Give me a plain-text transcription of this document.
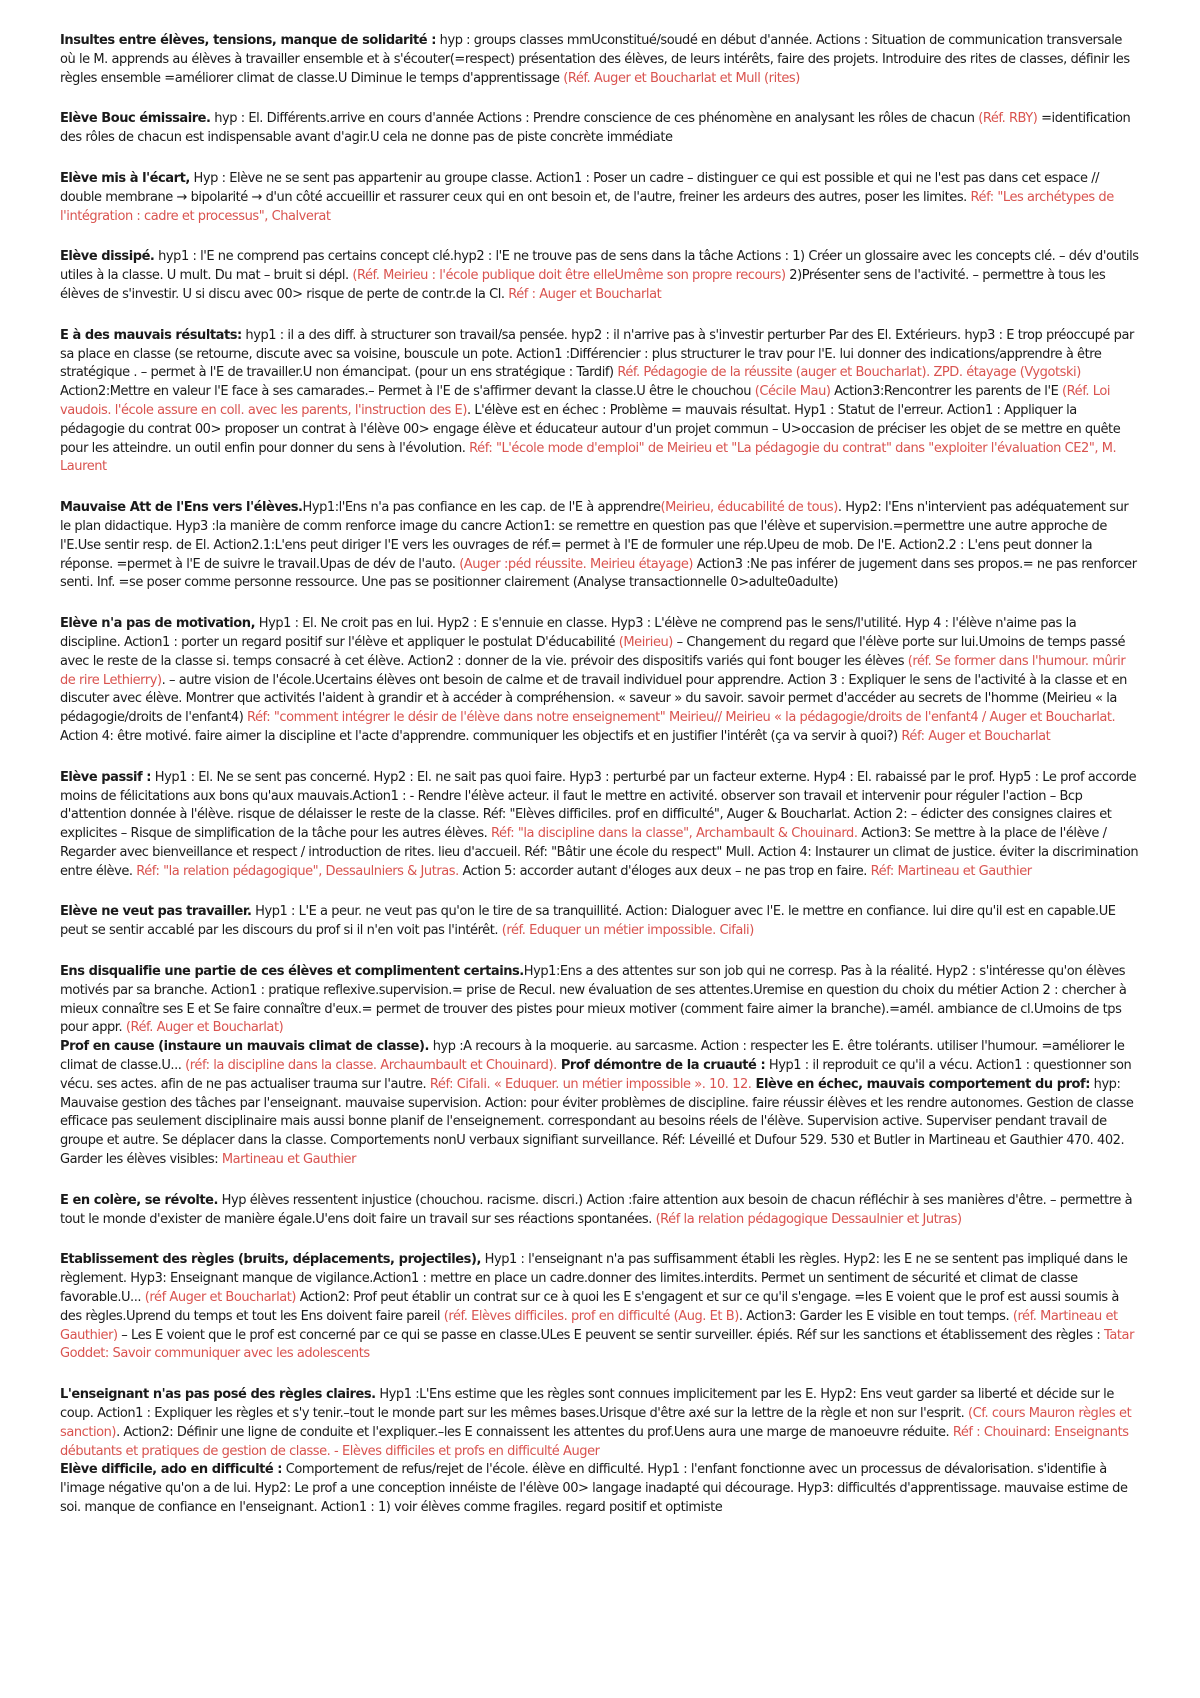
Insultes entre élèves, tensions, manque de solidarité : hyp : groups classes mmUconstitué/soudé en début d'année. Actions : Situation de communication transversale où le M. apprends au élèves à travailler ensemble et à s'écouter(=respect) présentation des élèves, de leurs intérêts, faire des projets. Introduire des rites de classes, définir les règles ensemble =améliorer climat de classe.U Diminue le temps d'apprentissage (Réf. Auger et Boucharlat et Mull (rites)

Elève Bouc émissaire. hyp : El. Différents.arrive en cours d'année Actions : Prendre conscience de ces phénomène en analysant les rôles de chacun (Réf. RBY) =identification des rôles de chacun est indispensable avant d'agir.U cela ne donne pas de piste concrète immédiate

Elève mis à l'écart, Hyp : Elève ne se sent pas appartenir au groupe classe. Action1 : Poser un cadre – distinguer ce qui est possible et qui ne l'est pas dans cet espace // double membrane → bipolarité → d'un côté accueillir et rassurer ceux qui en ont besoin et, de l'autre, freiner les ardeurs des autres, poser les limites. Réf: "Les archétypes de l'intégration : cadre et processus", Chalverat

Elève dissipé. hyp1 : l'E ne comprend pas certains concept clé.hyp2 : l'E ne trouve pas de sens dans la tâche Actions : 1) Créer un glossaire avec les concepts clé. – dév d'outils utiles à la classe. U mult. Du mat – bruit si dépl. (Réf. Meirieu : l'école publique doit être elleUmême son propre recours) 2)Présenter sens de l'activité. – permettre à tous les élèves de s'investir. U si discu avec 00> risque de perte de contr.de la Cl. Réf : Auger et Boucharlat

E à des mauvais résultats: hyp1 : il a des diff. à structurer son travail/sa pensée. hyp2 : il n'arrive pas à s'investir perturber Par des El. Extérieurs. hyp3 : E trop préoccupé par sa place en classe (se retourne, discute avec sa voisine, bouscule un pote. Action1 :Différencier : plus structurer le trav pour l'E. lui donner des indications/apprendre à être stratégique . – permet à l'E de travailler.U non émancipat. (pour un ens stratégique : Tardif) Réf. Pédagogie de la réussite (auger et Boucharlat). ZPD. étayage (Vygotski) Action2:Mettre en valeur l'E face à ses camarades.– Permet à l'E de s'affirmer devant la classe.U être le chouchou (Cécile Mau) Action3:Rencontrer les parents de l'E (Réf. Loi vaudois. l'école assure en coll. avec les parents, l'instruction des E). L'élève est en échec : Problème = mauvais résultat. Hyp1 : Statut de l'erreur. Action1 : Appliquer la pédagogie du contrat 00> proposer un contrat à l'élève 00> engage élève et éducateur autour d'un projet commun – U>occasion de préciser les objet de se mettre en quête pour les atteindre. un outil enfin pour donner du sens à l'évolution. Réf: "L'école mode d'emploi" de Meirieu et "La pédagogie du contrat" dans "exploiter l'évaluation CE2", M. Laurent

Mauvaise Att de l'Ens vers l'élèves.Hyp1:l'Ens n'a pas confiance en les cap. de l'E à apprendre(Meirieu, éducabilité de tous). Hyp2: l'Ens n'intervient pas adéquatement sur le plan didactique. Hyp3 :la manière de comm renforce image du cancre Action1: se remettre en question pas que l'élève et supervision.=permettre une autre approche de l'E.Use sentir resp. de El. Action2.1:L'ens peut diriger l'E vers les ouvrages de réf.= permet à l'E de formuler une rép.Upeu de mob. De l'E. Action2.2 : L'ens peut donner la réponse. =permet à l'E de suivre le travail.Upas de dév de l'auto. (Auger :péd réussite. Meirieu étayage) Action3 :Ne pas inférer de jugement dans ses propos.= ne pas renforcer senti. Inf. =se poser comme personne ressource. Une pas se positionner clairement (Analyse transactionnelle 0>adulte0adulte)

Elève n'a pas de motivation, Hyp1 : El. Ne croit pas en lui. Hyp2 : E s'ennuie en classe. Hyp3 : L'élève ne comprend pas le sens/l'utilité. Hyp 4 : l'élève n'aime pas la discipline. Action1 : porter un regard positif sur l'élève et appliquer le postulat D'éducabilité (Meirieu) – Changement du regard que l'élève porte sur lui.Umoins de temps passé avec le reste de la classe si. temps consacré à cet élève. Action2 : donner de la vie. prévoir des dispositifs variés qui font bouger les élèves (réf. Se former dans l'humour. mûrir de rire Lethierry). – autre vision de l'école.Ucertains élèves ont besoin de calme et de travail individuel pour apprendre. Action 3 : Expliquer le sens de l'activité à la classe et en discuter avec élève. Montrer que activités l'aident à grandir et à accéder à compréhension. « saveur » du savoir. savoir permet d'accéder au secrets de l'homme (Meirieu « la pédagogie/droits de l'enfant4) Réf: "comment intégrer le désir de l'élève dans notre enseignement" Meirieu// Meirieu « la pédagogie/droits de l'enfant4 / Auger et Boucharlat. Action 4: être motivé. faire aimer la discipline et l'acte d'apprendre. communiquer les objectifs et en justifier l'intérêt (ça va servir à quoi?) Réf: Auger et Boucharlat

Elève passif : Hyp1 : El. Ne se sent pas concerné. Hyp2 : El. ne sait pas quoi faire. Hyp3 : perturbé par un facteur externe. Hyp4 : El. rabaissé par le prof. Hyp5 : Le prof accorde moins de félicitations aux bons qu'aux mauvais.Action1 : - Rendre l'élève acteur. il faut le mettre en activité. observer son travail et intervenir pour réguler l'action – Bcp d'attention donnée à l'élève. risque de délaisser le reste de la classe. Réf: "Elèves difficiles. prof en difficulté", Auger & Boucharlat. Action 2: – édicter des consignes claires et explicites – Risque de simplification de la tâche pour les autres élèves. Réf: "la discipline dans la classe", Archambault & Chouinard. Action3: Se mettre à la place de l'élève / Regarder avec bienveillance et respect / introduction de rites. lieu d'accueil. Réf: "Bâtir une école du respect" Mull. Action 4: Instaurer un climat de justice. éviter la discrimination entre élève. Réf: "la relation pédagogique", Dessaulniers & Jutras. Action 5: accorder autant d'éloges aux deux – ne pas trop en faire. Réf: Martineau et Gauthier

Elève ne veut pas travailler. Hyp1 : L'E a peur. ne veut pas qu'on le tire de sa tranquillité. Action: Dialoguer avec l'E. le mettre en confiance. lui dire qu'il est en capable.UE peut se sentir accablé par les discours du prof si il n'en voit pas l'intérêt. (réf. Eduquer un métier impossible. Cifali)

Ens disqualifie une partie de ces élèves et complimentent certains.Hyp1:Ens a des attentes sur son job qui ne corresp. Pas à la réalité. Hyp2 : s'intéresse qu'on élèves motivés par sa branche. Action1 : pratique reflexive.supervision.= prise de Recul. new évaluation de ses attentes.Uremise en question du choix du métier Action 2 : chercher à mieux connaître ses E et Se faire connaître d'eux.= permet de trouver des pistes pour mieux motiver (comment faire aimer la branche).=amél. ambiance de cl.Umoins de tps pour appr. (Réf. Auger et Boucharlat)

Prof en cause (instaure un mauvais climat de classe). hyp :A recours à la moquerie. au sarcasme. Action : respecter les E. être tolérants. utiliser l'humour. =améliorer le climat de classe.U... (réf: la discipline dans la classe. Archaumbault et Chouinard). Prof démontre de la cruauté : Hyp1 : il reproduit ce qu'il a vécu. Action1 : questionner son vécu. ses actes. afin de ne pas actualiser trauma sur l'autre. Réf: Cifali. « Eduquer. un métier impossible ». 10. 12. Elève en échec, mauvais comportement du prof: hyp: Mauvaise gestion des tâches par l'enseignant. mauvaise supervision. Action: pour éviter problèmes de discipline. faire réussir élèves et les rendre autonomes. Gestion de classe efficace pas seulement disciplinaire mais aussi bonne planif de l'enseignement. correspondant au besoins réels de l'élève. Supervision active. Superviser pendant travail de groupe et autre. Se déplacer dans la classe. Comportements nonU verbaux signifiant surveillance. Réf: Léveillé et Dufour 529. 530 et Butler in Martineau et Gauthier 470. 402. Garder les élèves visibles: Martineau et Gauthier

E en colère, se révolte. Hyp élèves ressentent injustice (chouchou. racisme. discri.) Action :faire attention aux besoin de chacun réfléchir à ses manières d'être. – permettre à tout le monde d'exister de manière égale.U'ens doit faire un travail sur ses réactions spontanées. (Réf la relation pédagogique Dessaulnier et Jutras)

Etablissement des règles (bruits, déplacements, projectiles), Hyp1 : l'enseignant n'a pas suffisamment établi les règles. Hyp2: les E ne se sentent pas impliqué dans le règlement. Hyp3: Enseignant manque de vigilance.Action1 : mettre en place un cadre.donner des limites.interdits. Permet un sentiment de sécurité et climat de classe favorable.U... (réf Auger et Boucharlat) Action2: Prof peut établir un contrat sur ce à quoi les E s'engagent et sur ce qu'il s'engage. =les E voient que le prof est aussi soumis à des règles.Uprend du temps et tout les Ens doivent faire pareil (réf. Elèves difficiles. prof en difficulté (Aug. Et B). Action3: Garder les E visible en tout temps. (réf. Martineau et Gauthier) – Les E voient que le prof est concerné par ce qui se passe en classe.ULes E peuvent se sentir surveiller. épiés. Réf sur les sanctions et établissement des règles : Tatar Goddet: Savoir communiquer avec les adolescents

L'enseignant n'as pas posé des règles claires. Hyp1 :L'Ens estime que les règles sont connues implicitement par les E. Hyp2: Ens veut garder sa liberté et décide sur le coup. Action1 : Expliquer les règles et s'y tenir.–tout le monde part sur les mêmes bases.Urisque d'être axé sur la lettre de la règle et non sur l'esprit. (Cf. cours Mauron règles et sanction). Action2: Définir une ligne de conduite et l'expliquer.–les E connaissent les attentes du prof.Uens aura une marge de manoeuvre réduite. Réf : Chouinard: Enseignants débutants et pratiques de gestion de classe. - Elèves difficiles et profs en difficulté Auger

Elève difficile, ado en difficulté : Comportement de refus/rejet de l'école. élève en difficulté. Hyp1 : l'enfant fonctionne avec un processus de dévalorisation. s'identifie à l'image négative qu'on a de lui. Hyp2: Le prof a une conception innéiste de l'élève 00> langage inadapté qui décourage. Hyp3: difficultés d'apprentissage. mauvaise estime de soi. manque de confiance en l'enseignant. Action1 : 1) voir élèves comme fragiles. regard positif et optimiste
